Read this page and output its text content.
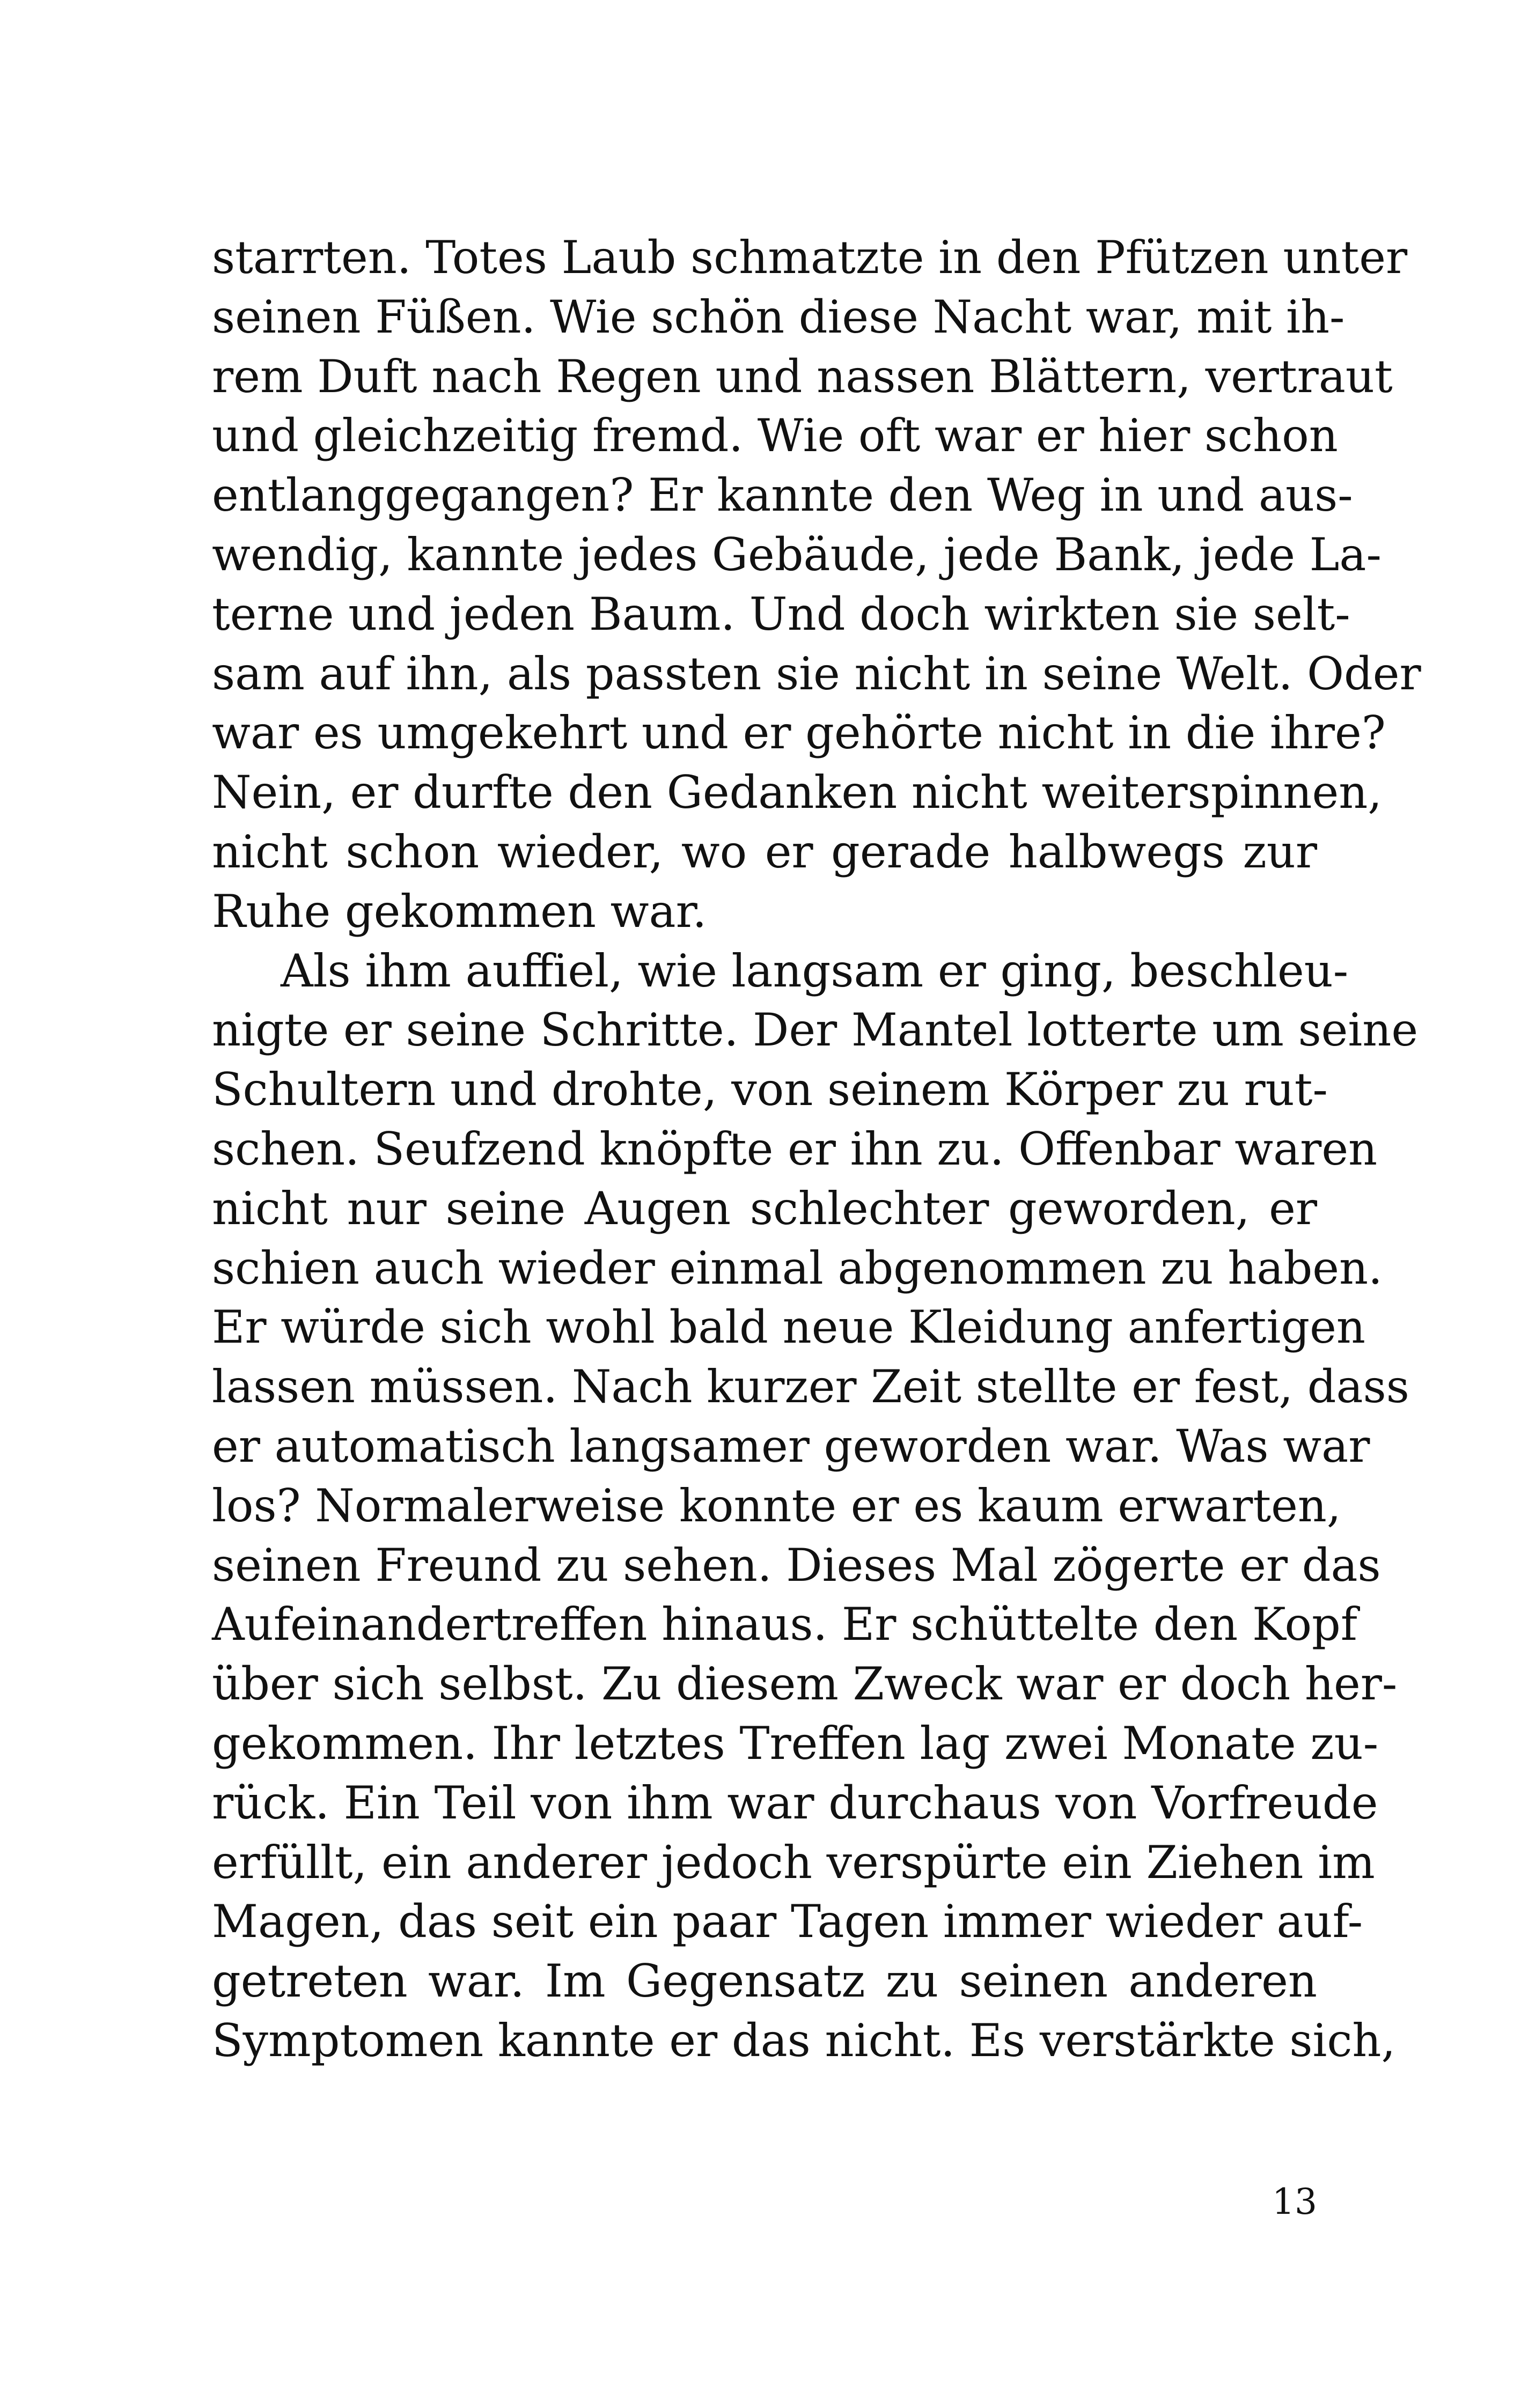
starrten. Totes Laub schmatzte in den Pfützen unter
seinen Füßen. Wie schön diese Nacht war, mit ih-
rem Duft nach Regen und nassen Blättern, vertraut
und gleichzeitig fremd. Wie oft war er hier schon
entlanggegangen? Er kannte den Weg in und aus-
wendig, kannte jedes Gebäude, jede Bank, jede La-
terne und jeden Baum. Und doch wirkten sie selt-
sam auf ihn, als passten sie nicht in seine Welt. Oder
war es umgekehrt und er gehörte nicht in die ihre?
Nein, er durfte den Gedanken nicht weiterspinnen,
nicht schon wieder, wo er gerade halbwegs zur
Ruhe gekommen war.
Als ihm auffiel, wie langsam er ging, beschleu-
nigte er seine Schritte. Der Mantel lotterte um seine
Schultern und drohte, von seinem Körper zu rut-
schen. Seufzend knöpfte er ihn zu. Offenbar waren
nicht nur seine Augen schlechter geworden, er
schien auch wieder einmal abgenommen zu haben.
Er würde sich wohl bald neue Kleidung anfertigen
lassen müssen. Nach kurzer Zeit stellte er fest, dass
er automatisch langsamer geworden war. Was war
los? Normalerweise konnte er es kaum erwarten,
seinen Freund zu sehen. Dieses Mal zögerte er das
Aufeinandertreffen hinaus. Er schüttelte den Kopf
über sich selbst. Zu diesem Zweck war er doch her-
gekommen. Ihr letztes Treffen lag zwei Monate zu-
rück. Ein Teil von ihm war durchaus von Vorfreude
erfüllt, ein anderer jedoch verspürte ein Ziehen im
Magen, das seit ein paar Tagen immer wieder auf-
getreten war. Im Gegensatz zu seinen anderen
Symptomen kannte er das nicht. Es verstärkte sich,
13
